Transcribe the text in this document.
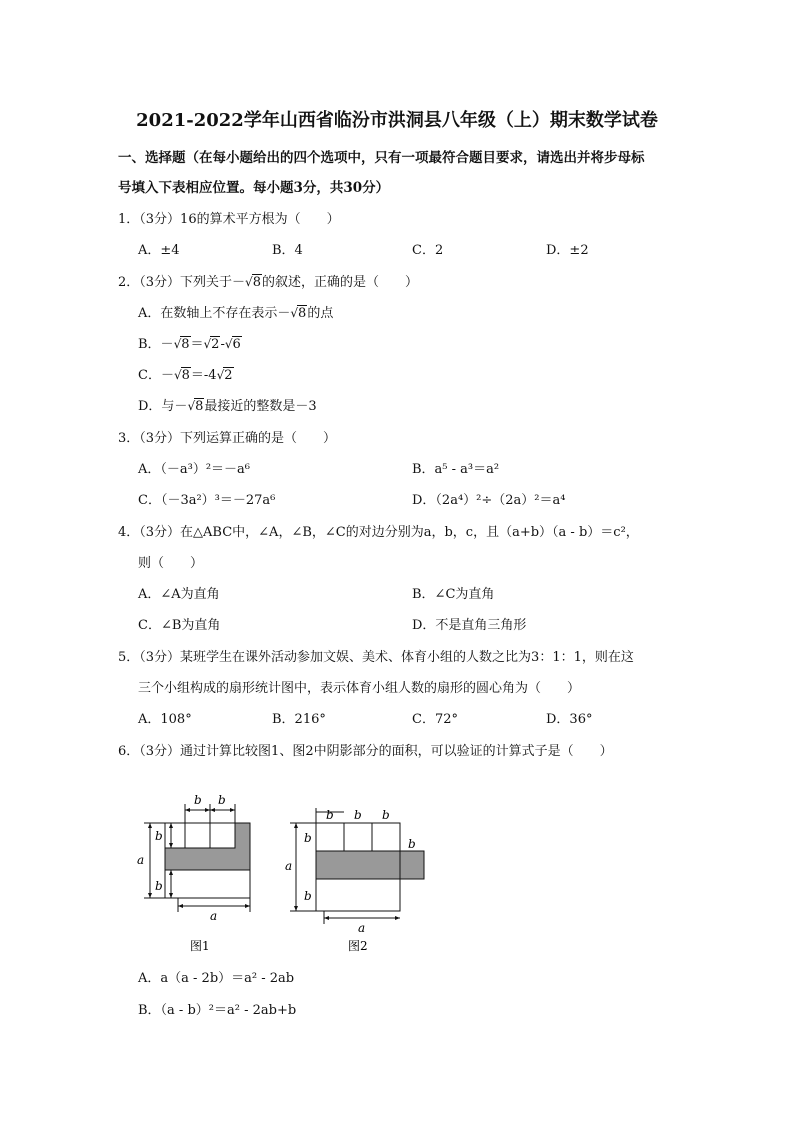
2021-2022学年山西省临汾市洪洞县八年级（上）期末数学试卷
一、选择题（在每小题给出的四个选项中，只有一项最符合题目要求，请选出并将步母标
号填入下表相应位置。每小题3分，共30分）
1．（3分）16的算术平方根为（　　）
A．±4	B．4	C．2	D．±2
2．（3分）下列关于－√8的叙述，正确的是（　　）
A．在数轴上不存在表示－√8的点
B．－√8＝√2-√6
C．－√8＝-4√2
D．与－√8最接近的整数是－3
3．（3分）下列运算正确的是（　　）
A．（－a³）²＝－a⁶	B．a⁵ - a³＝a²
C．（－3a²）³＝－27a⁶	D．（2a⁴）²÷（2a）²＝a⁴
4．（3分）在△ABC中，∠A，∠B，∠C的对边分别为a，b，c，且（a+b）（a - b）＝c²，
则（　　）
A．∠A为直角	B．∠C为直角
C．∠B为直角	D．不是直角三角形
5．（3分）某班学生在课外活动参加文娱、美术、体育小组的人数之比为3：1：1，则在这
三个小组构成的扇形统计图中，表示体育小组人数的扇形的圆心角为（　　）
A．108°	B．216°	C．72°	D．36°
6．（3分）通过计算比较图1、图2中阴影部分的面积，可以验证的计算式子是（　　）
b b
a
b
b
a
图1
b b b
b
b
b
a
a
图2
A．a（a - 2b）＝a² - 2ab
B．（a - b）²＝a² - 2ab+b
